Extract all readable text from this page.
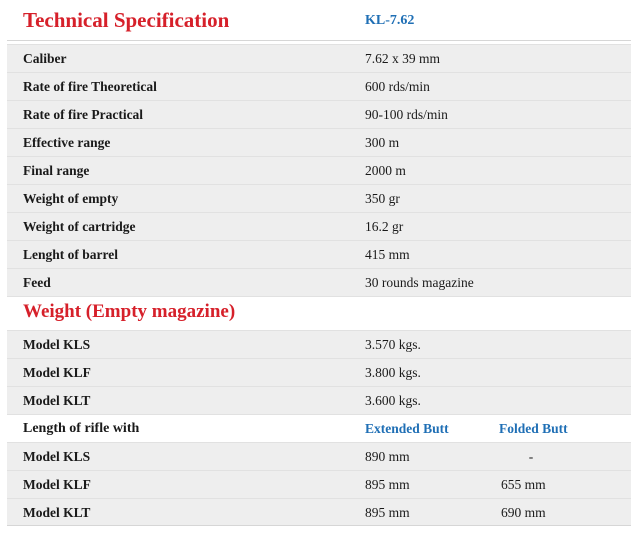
Technical Specification	KL-7.62
Caliber	7.62 x 39 mm
Rate of fire Theoretical	600 rds/min
Rate of fire Practical	90-100 rds/min
Effective range	300 m
Final range	2000 m
Weight of empty	350 gr
Weight of cartridge	16.2 gr
Lenght of barrel	415 mm
Feed	30 rounds magazine
Weight (Empty magazine)
Model KLS	3.570 kgs.
Model KLF	3.800 kgs.
Model KLT	3.600 kgs.
Length of rifle with	Extended Butt	Folded Butt
Model KLS	890 mm	-
Model KLF	895 mm	655 mm
Model KLT	895 mm	690 mm
